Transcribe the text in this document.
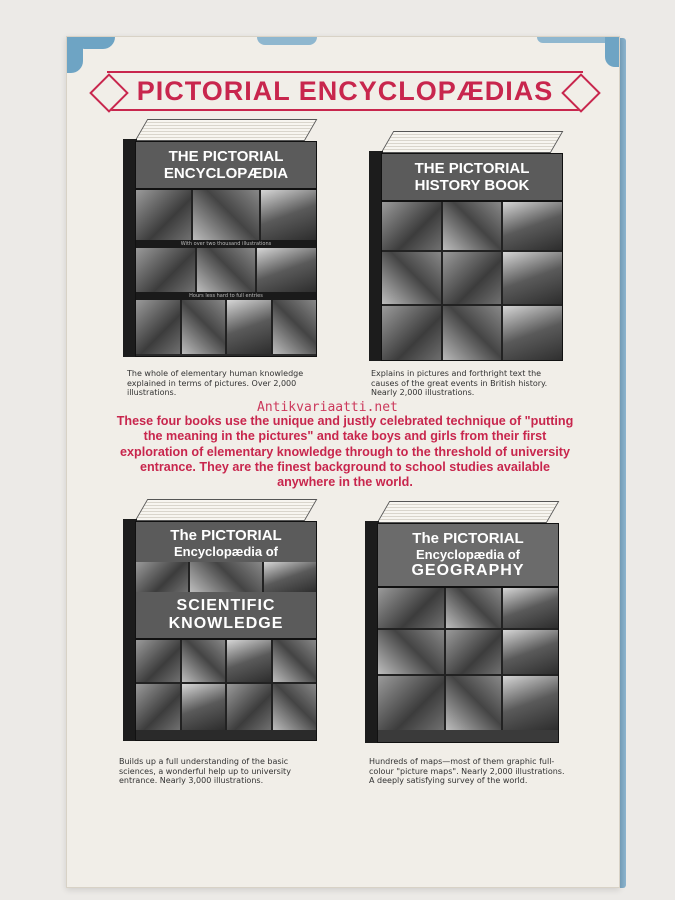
PICTORIAL ENCYCLOPÆDIAS
THE PICTORIAL
ENCYCLOPÆDIA
With over two thousand illustrations
Hours less hard to full entries
The whole of elementary human knowledge explained in terms of pictures. Over 2,000 illustrations.
THE PICTORIAL
HISTORY BOOK
Explains in pictures and forthright text the causes of the great events in British history. Nearly 2,000 illustrations.
Antikvariaatti.net
These four books use the unique and justly celebrated technique of "putting the meaning in the pictures" and take boys and girls from their first exploration of elementary knowledge through to the threshold of university entrance. They are the finest background to school studies available anywhere in the world.
The PICTORIAL
Encyclopædia of
SCIENTIFIC
KNOWLEDGE
Builds up a full understanding of the basic sciences, a wonderful help up to university entrance. Nearly 3,000 illustrations.
The PICTORIAL
Encyclopædia of
GEOGRAPHY
Hundreds of maps—most of them graphic full-colour "picture maps". Nearly 2,000 illustrations. A deeply satisfying survey of the world.
